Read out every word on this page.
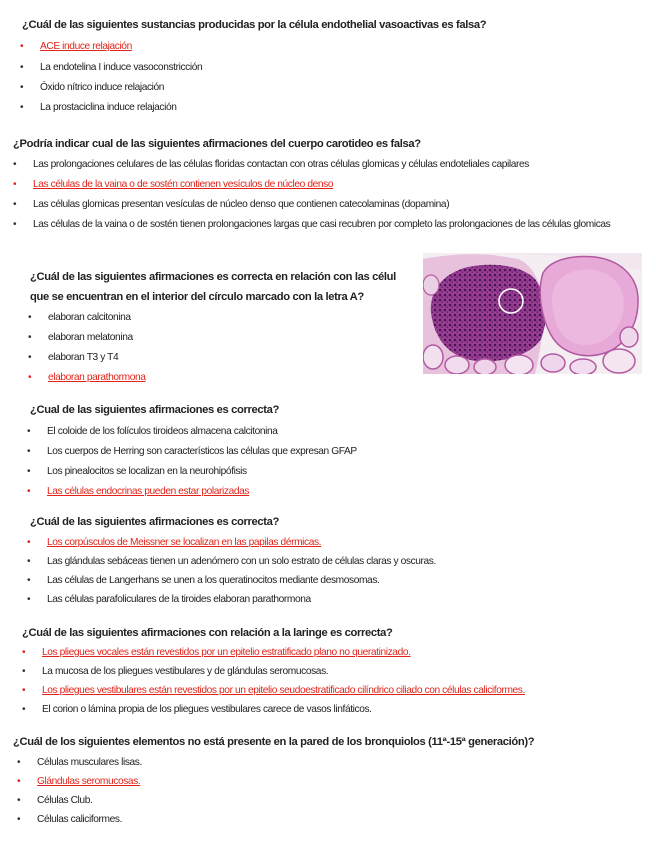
¿Cuál de las siguientes sustancias producidas por la célula endothelial vasoactivas es falsa?
• ACE induce relajación
• La endotelina I induce vasoconstricción
• Óxido nítrico induce relajación
• La prostaciclina induce relajación
¿Podría indicar cual de las siguientes afirmaciones del cuerpo carotideo es falsa?
• Las prolongaciones celulares de las células floridas contactan con otras células glomicas y células endoteliales capilares
• Las células de la vaina o de sostén contienen vesículos de núcleo denso
• Las células glomicas presentan vesículas de núcleo denso que contienen catecolaminas (dopamina)
• Las células de la vaina o de sostén tienen prolongaciones largas que casi recubren por completo las prolongaciones de las células glomicas
¿Cuál de las siguientes afirmaciones es correcta en relación con las célul
que se encuentran en el interior del círculo marcado con la letra A?
• elaboran calcitonina
• elaboran melatonina
• elaboran T3 y T4
• elaboran parathormona
¿Cual de las siguientes afirmaciones es correcta?
• El coloide de los folículos tiroideos almacena calcitonina
• Los cuerpos de Herring son característicos las células que expresan GFAP
• Los pinealocitos se localizan en la neurohipófisis
• Las células endocrinas pueden estar polarizadas
¿Cuál de las siguientes afirmaciones es correcta?
• Los corpúsculos de Meissner se localizan en las papilas dérmicas.
• Las glándulas sebáceas tienen un adenómero con un solo estrato de células claras y oscuras.
• Las células de Langerhans se unen a los queratinocitos mediante desmosomas.
• Las células parafoliculares de la tiroides elaboran parathormona
¿Cuál de las siguientes afirmaciones con relación a la laringe es correcta?
• Los pliegues vocales están revestidos por un epitelio estratificado plano no queratinizado.
• La mucosa de los pliegues vestibulares y de glándulas seromucosas.
• Los pliegues vestibulares están revestidos por un epitelio seudoestratificado cilíndrico ciliado con células caliciformes.
• El corion o lámina propia de los pliegues vestibulares carece de vasos linfáticos.
¿Cuál de los siguientes elementos no está presente en la pared de los bronquiolos (11ª-15ª generación)?
• Células musculares lisas.
• Glándulas seromucosas.
• Células Club.
• Células caliciformes.
